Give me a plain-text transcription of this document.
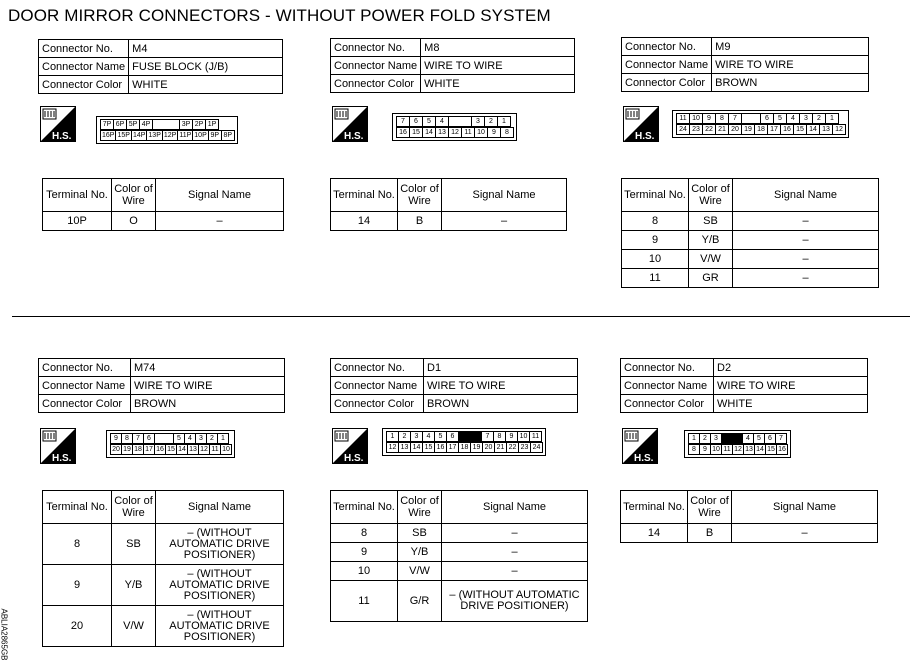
DOOR MIRROR CONNECTORS - WITHOUT POWER FOLD SYSTEM
ABLIA2865GB
Connector No.	M4
Connector Name	FUSE BLOCK (J/B)
Connector Color	WHITE
H.S.
7P 6P 5P 4P	3P 2P 1P
16P 15P 14P 13P 12P 11P 10P 9P 8P
Terminal No.	Color of Wire	Signal Name
10P	O	–
Connector No.	M8
Connector Name	WIRE TO WIRE
Connector Color	WHITE
H.S.
7	6	5	4	3	2	1
16 15 14 13 12 11 10	9	8
Terminal No.	Color of Wire	Signal Name
14	B	–
Connector No.	M9
Connector Name	WIRE TO WIRE
Connector Color	BROWN
H.S.
11 10	9	8	7	6	5	4	3	2	1
24 23 22 21 20 19 18 17 16 15 14 13 12
Terminal No.	Color of Wire	Signal Name
8	SB	–
9	Y/B	–
10	V/W	–
11	GR	–
Connector No.	M74
Connector Name	WIRE TO WIRE
Connector Color	BROWN
H.S.
9	8	7	6	5	4	3	2	1
20 19 18 17 16 15 14 13 12 11 10
Terminal No.	Color of Wire	Signal Name
8	SB	– (WITHOUT AUTOMATIC DRIVE POSITIONER)
9	Y/B	– (WITHOUT AUTOMATIC DRIVE POSITIONER)
20	V/W	– (WITHOUT AUTOMATIC DRIVE POSITIONER)
Connector No.	D1
Connector Name	WIRE TO WIRE
Connector Color	BROWN
H.S.
1	2	3	4	5	6	7	8	9 10 11
12 13 14 15 16 17 18 19 20 21 22 23 24
Terminal No.	Color of Wire	Signal Name
8	SB	–
9	Y/B	–
10	V/W	–
11	G/R	– (WITHOUT AUTOMATIC DRIVE POSITIONER)
Connector No.	D2
Connector Name	WIRE TO WIRE
Connector Color	WHITE
H.S.
1	2	3	4	5	6	7
8	9 10 11 12 13 14 15 16
Terminal No.	Color of Wire	Signal Name
14	B	–
